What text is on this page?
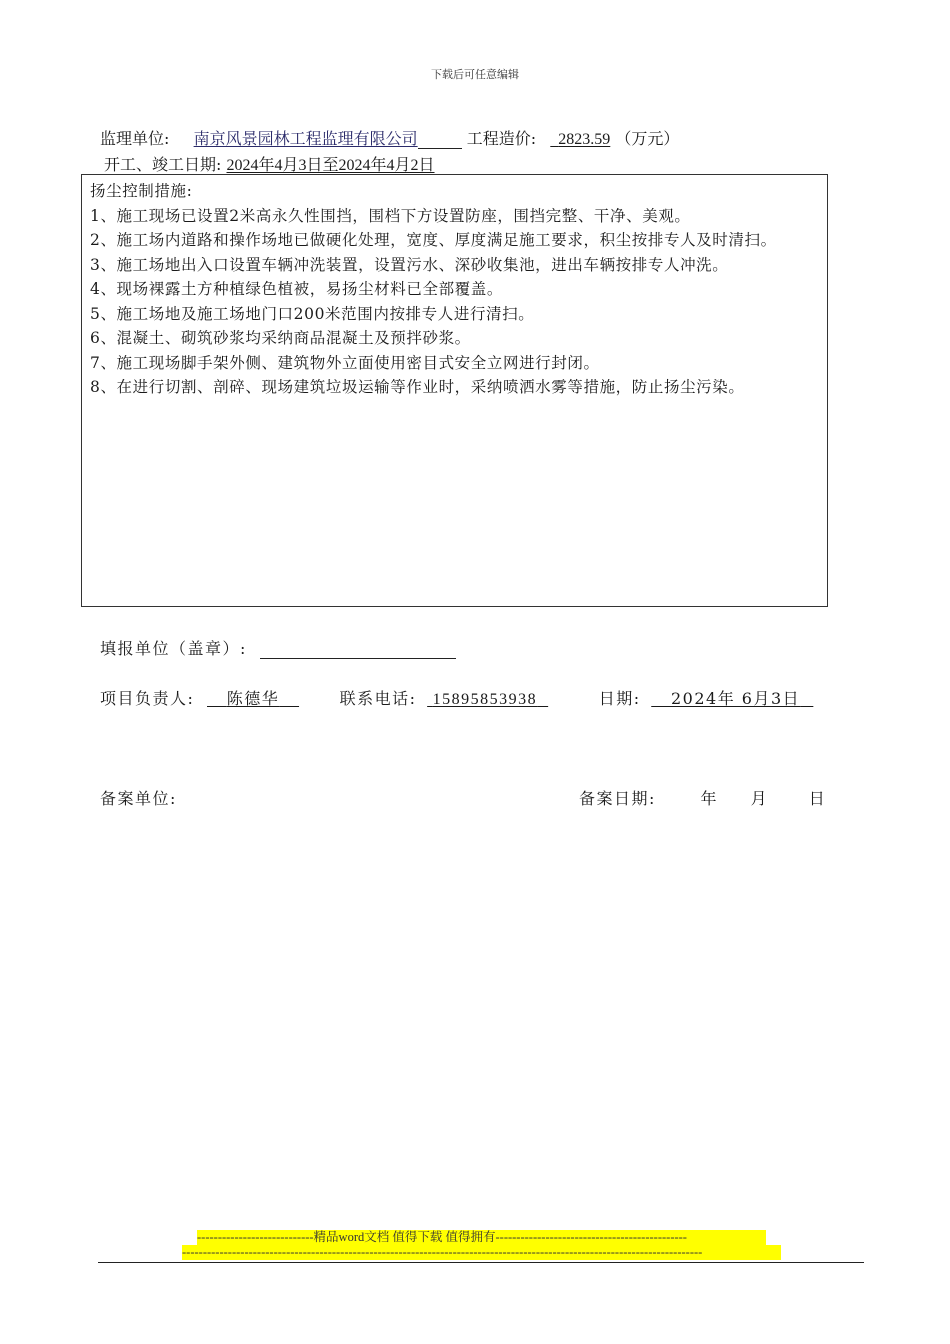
下载后可任意编辑
监理单位: 南京风景园林工程监理有限公司	工程造价: 2823.59 （万元）
开工、竣工日期: 2024年4月3日至2024年4月2日
扬尘控制措施:
1、施工现场已设置2米高永久性围挡，围档下方设置防座，围挡完整、干净、美观。
2、施工场内道路和操作场地已做硬化处理，宽度、厚度满足施工要求，积尘按排专人及时清扫。
3、施工场地出入口设置车辆冲洗装置，设置污水、深砂收集池，进出车辆按排专人冲洗。
4、现场裸露土方种植绿色植被，易扬尘材料已全部覆盖。
5、施工场地及施工场地门口200米范围内按排专人进行清扫。
6、混凝土、砌筑砂浆均采纳商品混凝土及预拌砂浆。
7、施工现场脚手架外侧、建筑物外立面使用密目式安全立网进行封闭。
8、在进行切割、剖碎、现场建筑垃圾运输等作业时，采纳喷洒水雾等措施，防止扬尘污染。
填报单位（盖章）:
项目负责人: 陈德华	联系电话: 15895853938	日期: 2024年 6月3日
备案单位:	备案日期:	年 月	日
----------------------------精品word文档 值得下载 值得拥有----------------------------------------------
-----------------------------------------------------------------------------------------------------------------------------
